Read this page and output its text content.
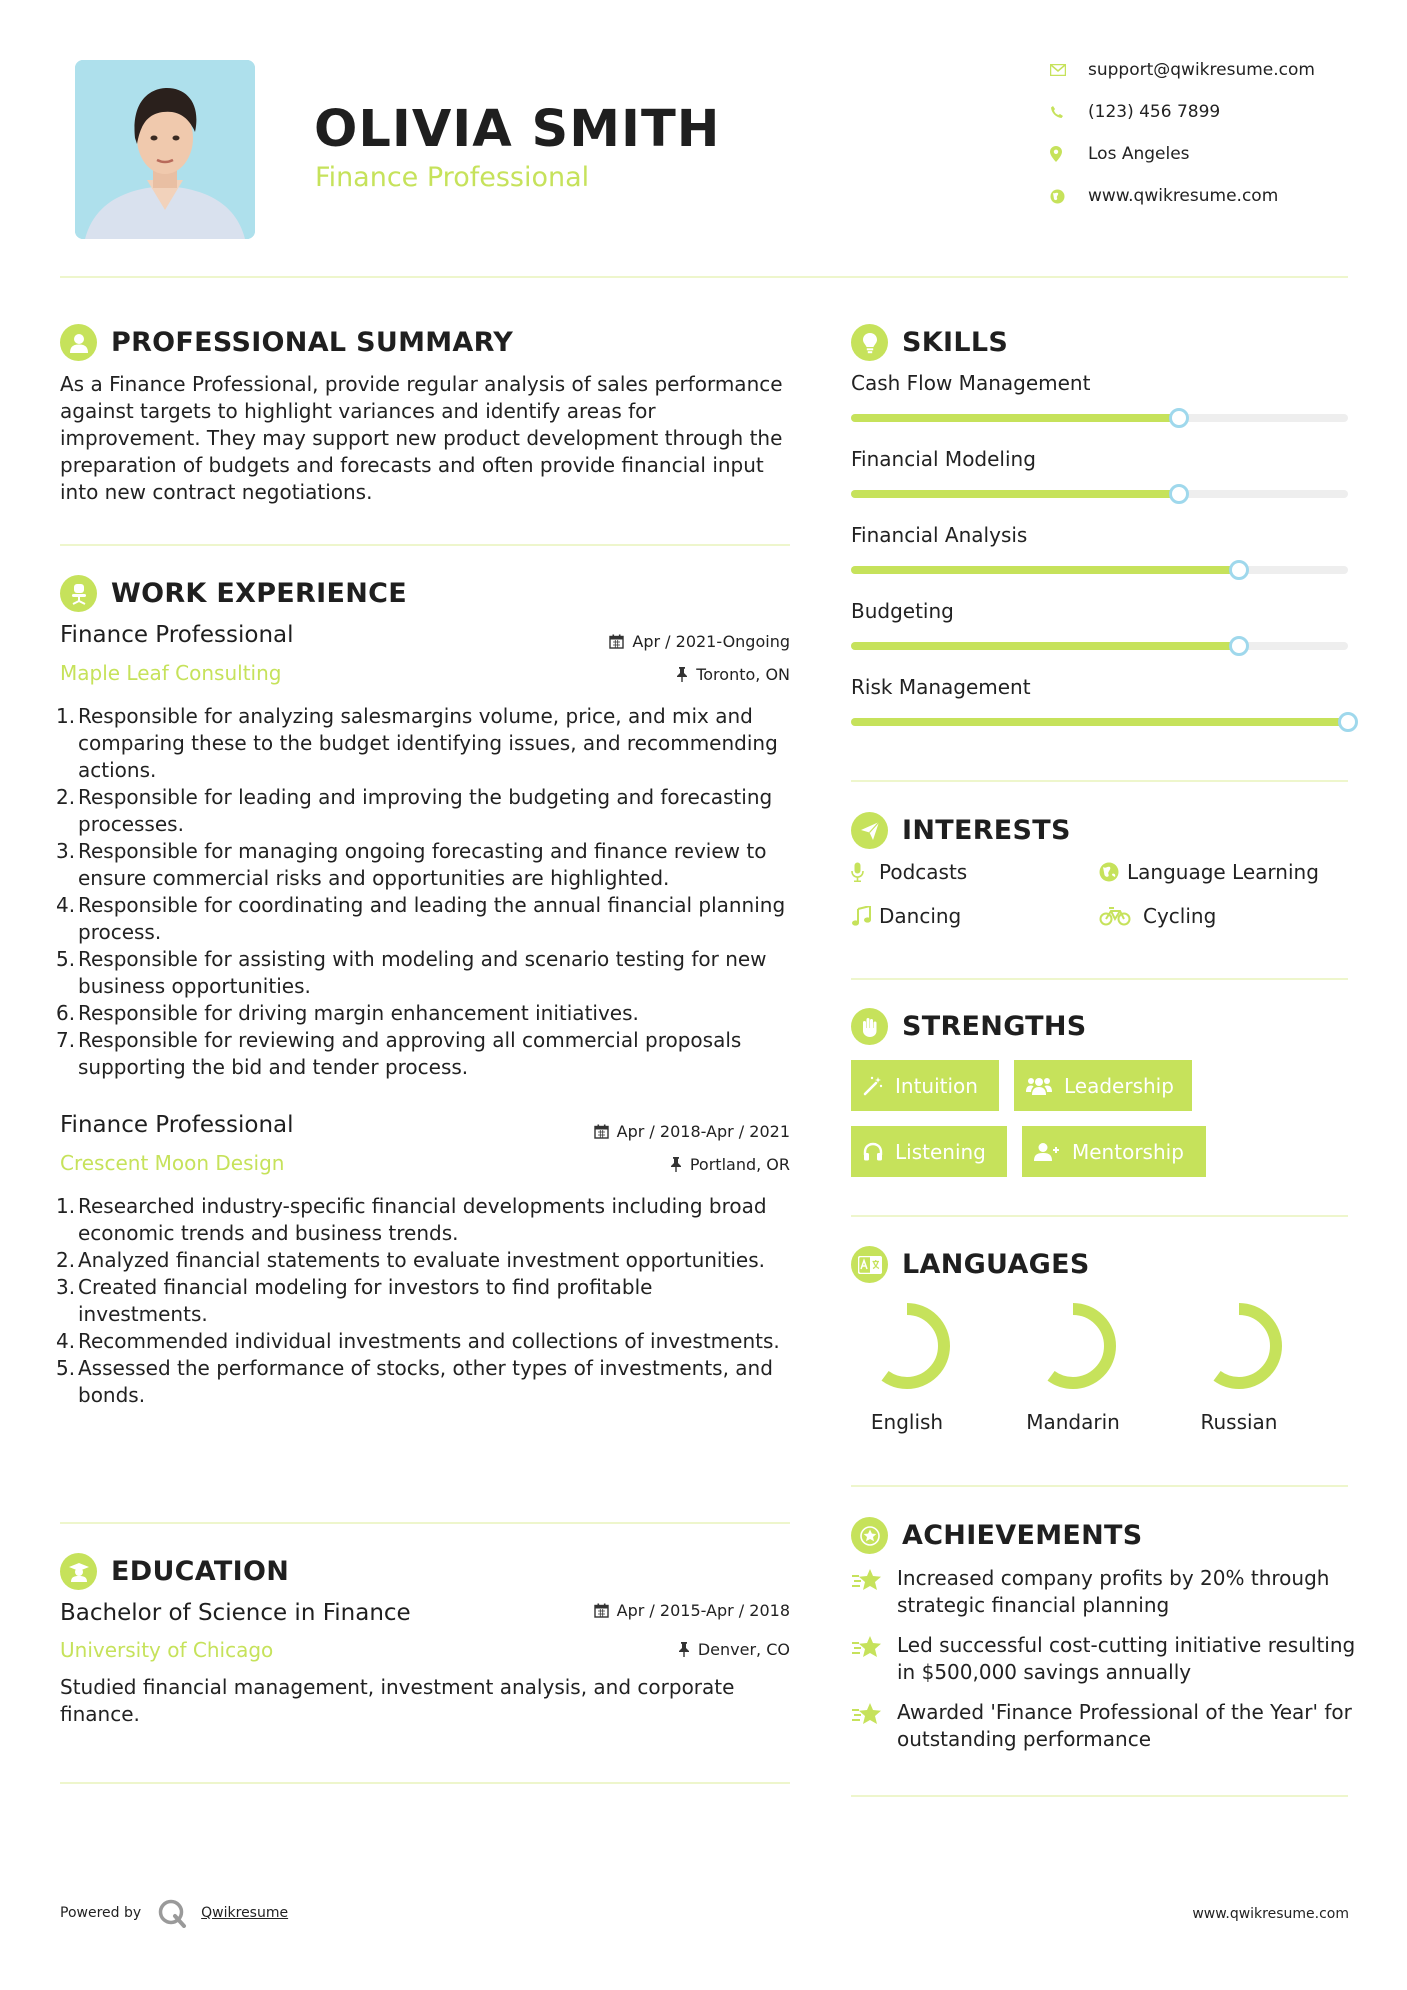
OLIVIA SMITH
Finance Professional
support@qwikresume.com
(123) 456 7899
Los Angeles
www.qwikresume.com
PROFESSIONAL SUMMARY
As a Finance Professional, provide regular analysis of sales performance against targets to highlight variances and identify areas for improvement. They may support new product development through the preparation of budgets and forecasts and often provide financial input into new contract negotiations.
WORK EXPERIENCE
Finance Professional	Apr / 2021-Ongoing
Maple Leaf Consulting	Toronto, ON
1. Responsible for analyzing salesmargins volume, price, and mix and comparing these to the budget identifying issues, and recommending actions.
2. Responsible for leading and improving the budgeting and forecasting processes.
3. Responsible for managing ongoing forecasting and finance review to ensure commercial risks and opportunities are highlighted.
4. Responsible for coordinating and leading the annual financial planning process.
5. Responsible for assisting with modeling and scenario testing for new business opportunities.
6. Responsible for driving margin enhancement initiatives.
7. Responsible for reviewing and approving all commercial proposals supporting the bid and tender process.
Finance Professional	Apr / 2018-Apr / 2021
Crescent Moon Design	Portland, OR
1. Researched industry-specific financial developments including broad economic trends and business trends.
2. Analyzed financial statements to evaluate investment opportunities.
3. Created financial modeling for investors to find profitable investments.
4. Recommended individual investments and collections of investments.
5. Assessed the performance of stocks, other types of investments, and bonds.
EDUCATION
Bachelor of Science in Finance	Apr / 2015-Apr / 2018
University of Chicago	Denver, CO
Studied financial management, investment analysis, and corporate finance.
SKILLS
Cash Flow Management
Financial Modeling
Financial Analysis
Budgeting
Risk Management
INTERESTS
Podcasts	Language Learning
Dancing	Cycling
STRENGTHS
Intuition	Leadership
Listening	Mentorship
LANGUAGES
English	Mandarin	Russian
ACHIEVEMENTS
Increased company profits by 20% through strategic financial planning
Led successful cost-cutting initiative resulting in $500,000 savings annually
Awarded 'Finance Professional of the Year' for outstanding performance
Powered by	Qwikresume	www.qwikresume.com
